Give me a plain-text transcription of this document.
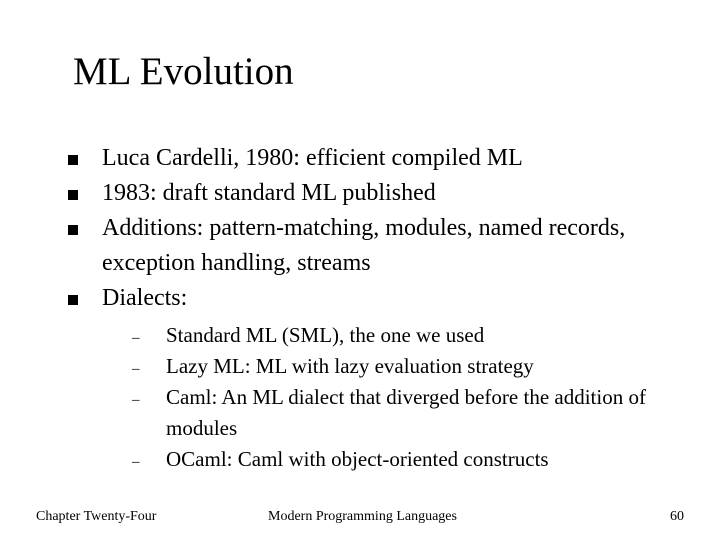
ML Evolution
Luca Cardelli, 1980: efficient compiled ML
1983: draft standard ML published
Additions: pattern-matching, modules, named records, exception handling, streams
Dialects:
–	Standard ML (SML), the one we used
–	Lazy ML: ML with lazy evaluation strategy
–	Caml: An ML dialect that diverged before the addition of modules
–	OCaml: Caml with object-oriented constructs
Chapter Twenty-Four	Modern Programming Languages	60
